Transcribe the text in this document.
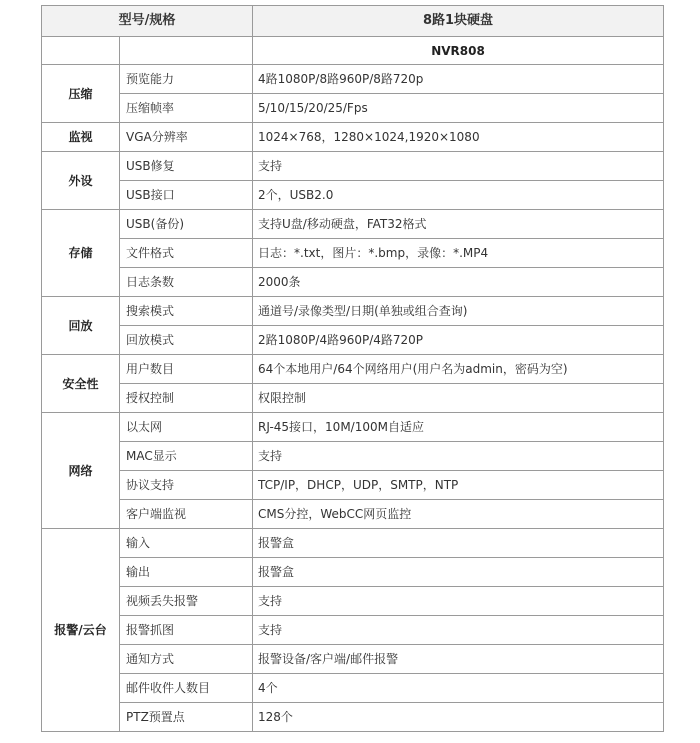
型号/规格		8路1块硬盘
		NVR808
压缩	预览能力	4路1080P/8路960P/8路720p
	压缩帧率	5/10/15/20/25/Fps
监视	VGA分辨率	1024×768，1280×1024,1920×1080
外设	USB修复	支持
	USB接口	2个，USB2.0
存储	USB(备份)	支持U盘/移动硬盘，FAT32格式
	文件格式	日志：*.txt，图片：*.bmp，录像：*.MP4
	日志条数	2000条
回放	搜索模式	通道号/录像类型/日期(单独或组合查询)
	回放模式	2路1080P/4路960P/4路720P
安全性	用户数目	64个本地用户/64个网络用户(用户名为admin，密码为空)
	授权控制	权限控制
网络	以太网	RJ-45接口，10M/100M自适应
	MAC显示	支持
	协议支持	TCP/IP，DHCP，UDP，SMTP，NTP
	客户端监视	CMS分控，WebCC网页监控
报警/云台	输入	报警盒
	输出	报警盒
	视频丢失报警	支持
	报警抓图	支持
	通知方式	报警设备/客户端/邮件报警
	邮件收件人数目	4个
	PTZ预置点	128个
